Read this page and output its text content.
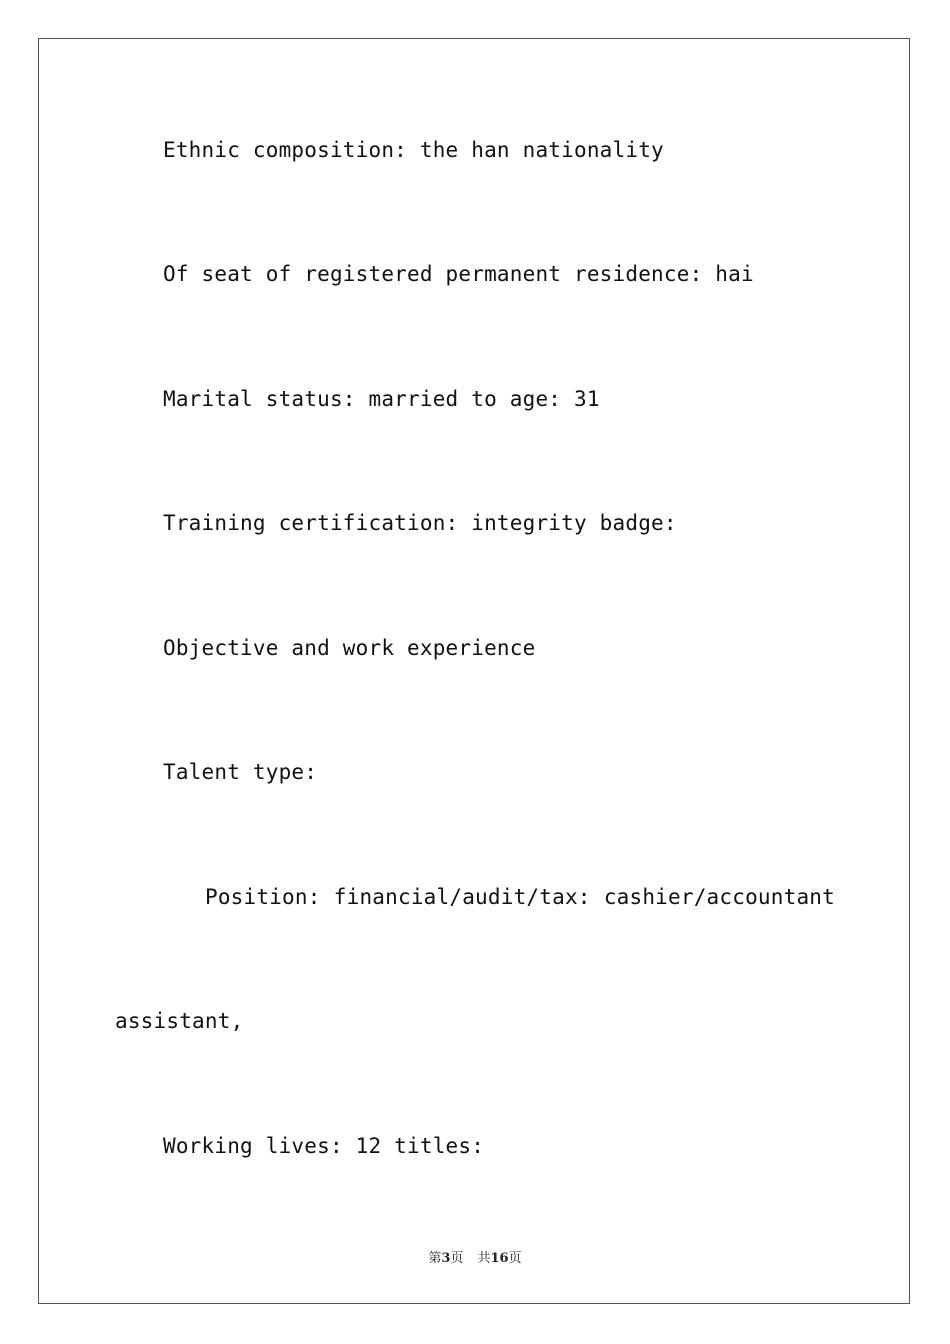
Ethnic composition: the han nationality
Of seat of registered permanent residence: hai
Marital status: married to age: 31
Training certification: integrity badge:
Objective and work experience
Talent type:
Position: financial/audit/tax: cashier/accountant
assistant,
Working lives: 12 titles:
第3页 共16页
